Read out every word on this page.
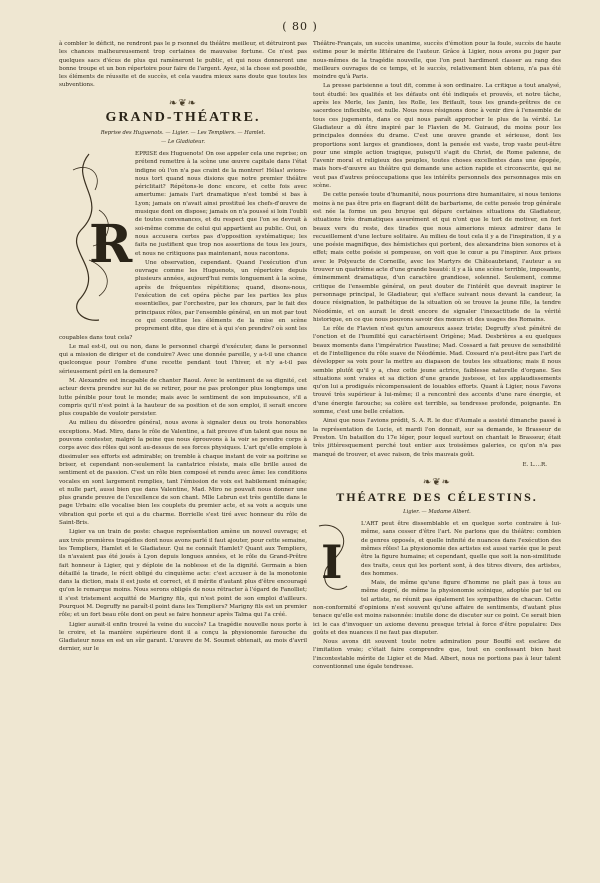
( 80 )

à combler le déficit, ne rendront pas le p rsonnel du théâtre meilleur, et détruiront pas les chances malheureusement trop certaines de mauvaise fortune. Ce n'est pas quelques sacs d'écus de plus qui ramèneront le public, et qui nous donneront une bonne troupe et un bon répertoire pour faire de l'argent. Ayez, si la chose est possible, les éléments de réussite et de succès, et cela vaudra mieux sans doute que toutes les subventions.

❧❦❧
GRAND-THÉATRE.
Reprise des Huguenots. — Ligier. — Les Templiers. — Hamlet.
— Le Gladiateur.
R

EPRISE des Huguenots! On ose appeler cela une reprise; on prétend remettre à la scène une œuvre capitale dans l'état indigne où l'on n'a pas craint de la montrer! Hélas! avions-nous tort quand nous disions que notre premier théâtre périclitait? Répétons-le donc encore, et cette fois avec amertume: jamais l'art dramatique n'est tombé si bas à Lyon; jamais on n'avait ainsi prostitué les chefs-d'œuvre de musique dont on dispose; jamais on n'a poussé si loin l'oubli de toutes convenances, et du respect que l'on se devrait à soi-même comme de celui qui appartient au public. Oui, on nous accusera certes pas d'opposition systématique; les faits ne justifient que trop nos assertions de tous les jours, et nous ne critiquons pas maintenant, nous racontons.

Une observation, cependant. Quand l'exécution d'un ouvrage comme les Huguenots, un répertoire depuis plusieurs années, aujourd'hui remis longuement à la scène, après de fréquentes répétitions; quand, disons-nous, l'exécution de cet opéra pèche par les parties les plus essentielles, par l'orchestre, par les chœurs, par le fait des principaux rôles, par l'ensemble général, en un mot par tout ce qui constitue les éléments de la mise en scène proprement dite, que dire et à qui s'en prendre? où sont les coupables dans tout cela?

Le mal est-il, oui ou non, dans le personnel chargé d'exécuter, dans le personnel qui a mission de diriger et de conduire? Avec une donnée pareille, y a-t-il une chance quelconque pour l'ombre d'une recette pendant tout l'hiver, et n'y a-t-il pas sérieusement péril en la demeure?

M. Alexandre est incapable de chanter Raoul. Avec le sentiment de sa dignité, cet acteur devra prendre sur lui de se retirer, pour ne pas prolonger plus longtemps une lutte pénible pour tout le monde; mais avec le sentiment de son impuissance, s'il a compris qu'il n'est point à la hauteur de sa position et de son emploi, il serait encore plus coupable de vouloir persister.

Au milieu du désordre général, nous avons à signaler deux ou trois honorables exceptions. Mad. Miro, dans le rôle de Valentine, a fait preuve d'un talent que nous ne pouvons contester, malgré la peine que nous éprouvons à la voir se prendre corps à corps avec des rôles qui sont au-dessus de ses forces physiques. L'art qu'elle emploie à dissimuler ses efforts est admirable; on tremble à chaque instant de voir sa poitrine se briser, et cependant non-seulement la cantatrice résiste, mais elle brille aussi de sentiment et de passion. C'est un rôle bien composé et rendu avec âme: les conditions vocales en sont largement remplies, tant l'émission de voix est habilement ménagée; et nulle part, aussi bien que dans Valentine, Mad. Miro ne pouvait nous donner une plus grande preuve de l'excellence de son chant. Mlle Lebrun est très gentille dans le page Urbain: elle vocalise bien les couplets du premier acte, et sa voix a acquis une vibration qui porte et qui a du charme. Borrielle s'est tiré avec honneur du rôle de Saint-Bris.

Ligier va un train de poste: chaque représentation amène un nouvel ouvrage; et aux trois premières tragédies dont nous avons parlé il faut ajouter, pour cette semaine, les Templiers, Hamlet et le Gladiateur. Qui ne connaît Hamlet? Quant aux Templiers, ils n'avaient pas été joués à Lyon depuis longues années, et le rôle du Grand-Prêtre fait honneur à Ligier, qui y déploie de la noblesse et de la dignité. Germain a bien détaillé la tirade, le récit obligé du cinquième acte: c'est accuser à de la monotonie dans la diction, mais il est juste et correct, et il mérite d'autant plus d'être encouragé qu'on le remarque moins. Nous serons obligés de nous rétracter à l'égard de Fanolliet; il s'est tristement acquitté de Marigny fils, qui n'est point de son emploi d'ailleurs. Pourquoi M. Degruffy ne paraît-il point dans les Templiers? Marigny fils est un premier rôle; et un fort beau rôle dont on peut se faire honneur après Talma qui l'a créé.

Ligier aurait-il enfin trouvé la veine du succès? La tragédie nouvelle nous porte à le croire, et la manière supérieure dont il a conçu la physionomie farouche du Gladiateur nous en est un sûr garant. L'œuvre de M. Soumet obtenait, au mois d'avril dernier, sur le

Théâtre-Français, un succès unanime, succès d'émotion pour la foule, succès de haute estime pour le mérite littéraire de l'auteur. Grâce à Ligier, nous avons pu juger par nous-mêmes de la tragédie nouvelle, que l'on peut hardiment classer au rang des meilleurs ouvrages de ce temps, et le succès, relativement bien obtenu, n'a pas été moindre qu'à Paris.

La presse parisienne a tout dit, comme à son ordinaire. La critique a tout analysé, tout étudié: les qualités et les défauts ont été indiqués et prouvés, et notre tâche, après les Merle, les Janin, les Rolle, les Brifault, tous les grands-prêtres de ce sacerdoce inflexible, est nulle. Nous nous résignons donc à venir dire à l'ensemble de tous ces jugements, dans ce qui nous paraît approcher le plus de la vérité. Le Gladiateur a dû être inspiré par le Flavien de M. Guiraud, du moins pour les principales données du drame. C'est une œuvre grande et sérieuse, dont les proportions sont larges et grandioses, dont la pensée est vaste, trop vaste peut-être pour une simple action tragique, puisqu'il s'agit du Christ, de Rome païenne, de l'avenir moral et religieux des peuples, toutes choses excellentes dans une épopée, mais hors-d'œuvre au théâtre qui demande une action rapide et circonscrite, qui ne veut pas d'autres préoccupations que les intérêts personnels des personnages mis en scène.

De cette pensée toute d'humanité, nous pourrions dire humanitaire, si nous tenions moins à ne pas être pris en flagrant délit de barbarisme, de cette pensée trop générale est née la forme un peu bruyue qui dépare certaines situations du Gladiateur, situations très dramatiques assurément et qui n'ont que le tort de motiver, en fort beaux vers du reste, des tirades que nous aimerions mieux admirer dans le recueillement d'une lecture solitaire. Au milieu de tout cela il y a de l'inspiration, il y a une poésie magnifique, des hémistiches qui portent, des alexandrins bien sonores et à effet; mais cette poésie si pompeuse, on voit que le cœur a pu l'inspirer. Aux prises avec le Polyeucte de Corneille, avec les Martyrs de Châteaubriand, l'auteur a su trouver un quatrième acte d'une grande beauté: il y a là une scène terrible, imposante, éminemment dramatique, d'un caractère grandiose, solennel. Seulement, comme critique de l'ensemble général, on peut douter de l'intérêt que devrait inspirer le personnage principal, le Gladiateur, qui s'efface suivant nous devant la candeur, la douce résignation, le pathétique de la situation où se trouve la jeune fille, la tendre Néodémie, et on aurait le droit encore de signaler l'inexactitude de la vérité historique, en ce que nous pouvons savoir des mœurs et des usages des Romains.

Le rôle de Flavien n'est qu'un amoureux assez triste; Degruffy s'est pénétré de l'onction et de l'humilité qui caractérisent Origène; Mad. Desbrières a eu quelques beaux moments dans l'impératrice Faustine; Mad. Cossard a fait preuve de sensibilité et de l'intelligence du rôle suave de Néodémie. Mad. Cossard n'a peut-être pas l'art de développer sa voix pour la mettre au diapason de toutes les situations; mais il nous semble plutôt qu'il y a, chez cette jeune actrice, faiblesse naturelle d'organe. Ses situations sont vraies et sa diction d'une grande justesse, et les applaudissements qu'on lui a prodigués récompensaient de louables efforts. Quant à Ligier, nous l'avons trouvé très supérieur à lui-même; il a rencontré des accents d'une rare énergie, et d'une énergie farouche; sa colère est terrible, sa tendresse profonde, poignante. En somme, c'est une belle création.

Ainsi que nous l'avions prédit, S. A. R. le duc d'Aumale a assisté dimanche passé à la représentation de Lucie, et mardi l'on donnait, sur sa demande, le Brasseur de Preston. Un bataillon du 17e léger, pour lequel surtout on chantait le Brasseur, était très jittéresquement perché tout entier aux troisièmes galeries, ce qu'on n'a pas manqué de trouver, et avec raison, de très mauvais goût.

E. L....R.
❧❦❧
THÉATRE DES CÉLESTINS.
Ligier. — Madame Albert.
I

L'ART peut être dissemblable et en quelque sorte contraire à lui-même, sans cesser d'être l'art. Ne parlons que du théâtre: combien de genres opposés, et quelle infinité de nuances dans l'exécution des mêmes rôles! La physionomie des artistes est aussi variée que le peut être la figure humaine; et cependant, quelle que soit la non-similitude des traits, ceux qui les portent sont, à des titres divers, des artistes, des hommes.

Mais, de même qu'une figure d'homme ne plaît pas à tous au même degré, de même la physionomie scénique, adoptée par tel ou tel artiste, ne réunit pas également les sympathies de chacun. Cette non-conformité d'opinions n'est souvent qu'une affaire de sentiments, d'autant plus tenace qu'elle est moins raisonnée: inutile donc de discuter sur ce point. Ce serait bien ici le cas d'invoquer un axiome devenu presque trivial à force d'être populaire: Des goûts et des nuances il ne faut pas disputer.

Nous avons dit souvent toute notre admiration pour Bouffé est esclave de l'imitation vraie; c'était faire comprendre que, tout en confessant bien haut l'incontestable mérite de Ligier et de Mad. Albert, nous ne portions pas à leur talent conventionnel une égale tendresse.
